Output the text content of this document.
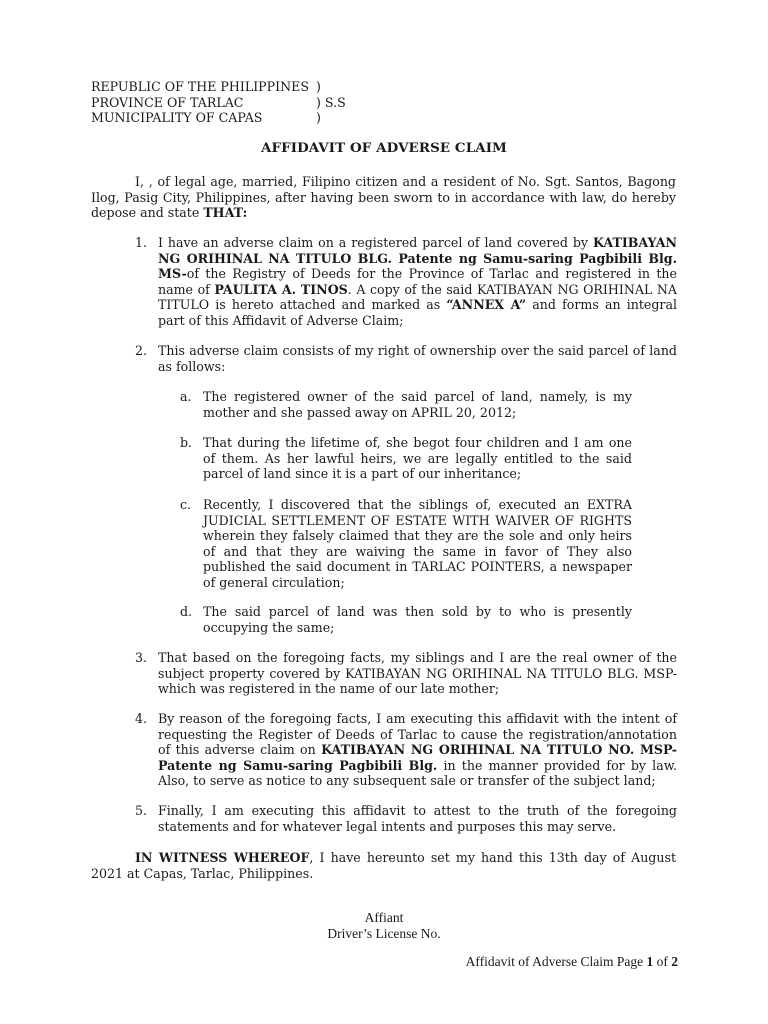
REPUBLIC OF THE PHILIPPINES )
PROVINCE OF TARLAC	) S.S
MUNICIPALITY OF CAPAS	)
AFFIDAVIT OF ADVERSE CLAIM
I, , of legal age, married, Filipino citizen and a resident of No. Sgt. Santos, Bagong Ilog, Pasig City, Philippines, after having been sworn to in accordance with law, do hereby depose and state THAT:
1. I have an adverse claim on a registered parcel of land covered by KATIBAYAN NG ORIHINAL NA TITULO BLG. Patente ng Samu-saring Pagbibili Blg. MS-of the Registry of Deeds for the Province of Tarlac and registered in the name of PAULITA A. TINOS. A copy of the said KATIBAYAN NG ORIHINAL NA TITULO is hereto attached and marked as “ANNEX A” and forms an integral part of this Affidavit of Adverse Claim;
2. This adverse claim consists of my right of ownership over the said parcel of land as follows:
a. The registered owner of the said parcel of land, namely, is my mother and she passed away on APRIL 20, 2012;
b. That during the lifetime of, she begot four children and I am one of them. As her lawful heirs, we are legally entitled to the said parcel of land since it is a part of our inheritance;
c. Recently, I discovered that the siblings of, executed an EXTRA JUDICIAL SETTLEMENT OF ESTATE WITH WAIVER OF RIGHTS wherein they falsely claimed that they are the sole and only heirs of and that they are waiving the same in favor of They also published the said document in TARLAC POINTERS, a newspaper of general circulation;
d. The said parcel of land was then sold by to who is presently occupying the same;
3. That based on the foregoing facts, my siblings and I are the real owner of the subject property covered by KATIBAYAN NG ORIHINAL NA TITULO BLG. MSP- which was registered in the name of our late mother;
4. By reason of the foregoing facts, I am executing this affidavit with the intent of requesting the Register of Deeds of Tarlac to cause the registration/annotation of this adverse claim on KATIBAYAN NG ORIHINAL NA TITULO NO. MSP-Patente ng Samu-saring Pagbibili Blg. in the manner provided for by law. Also, to serve as notice to any subsequent sale or transfer of the subject land;
5. Finally, I am executing this affidavit to attest to the truth of the foregoing statements and for whatever legal intents and purposes this may serve.
IN WITNESS WHEREOF, I have hereunto set my hand this 13th day of August 2021 at Capas, Tarlac, Philippines.
Affiant
Driver’s License No.
Affidavit of Adverse Claim Page 1 of 2
